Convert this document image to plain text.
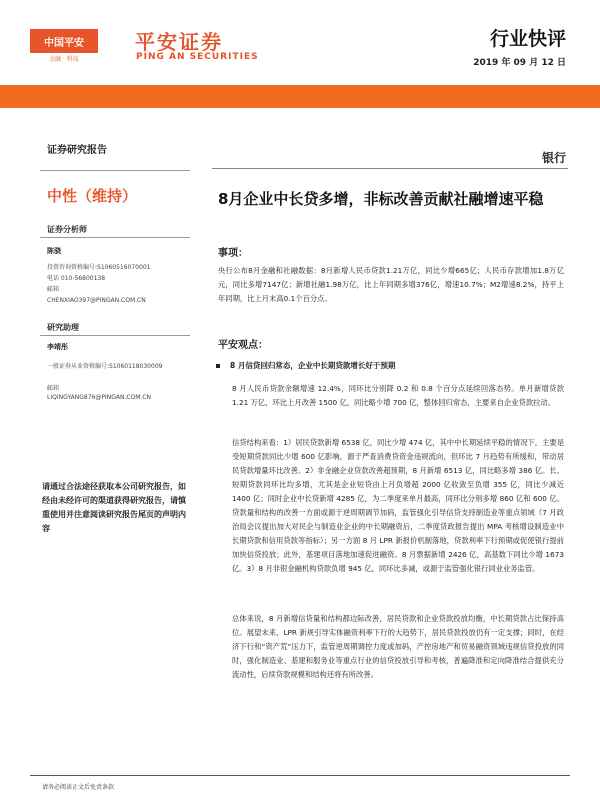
中国平安
金融 · 科技
平安证券
PING AN SECURITIES
行业快评
2019 年 09 月 12 日
证券研究报告
中性（维持）
证券分析师
陈骁
投资咨询资格编号:S1060516070001
电话 010-56800138
邮箱
CHENXIAO397@PINGAN.COM.CN
研究助理
李靖彤
一般证券从业资格编号:S1060118030009
邮箱
LIQINGYANG876@PINGAN.COM.CN
请通过合法途径获取本公司研究报告，如经由未经许可的渠道获得研究报告，请慎重使用并注意阅读研究报告尾页的声明内容
银行
8月企业中长贷多增，非标改善贡献社融增速平稳
事项：
央行公布8月金融和社融数据：8月新增人民币贷款1.21万亿，同比少增665亿；人民币存款增加1.8万亿元，同比多增7147亿；新增社融1.98万亿，比上年同期多增376亿，增速10.7%；M2增速8.2%，持平上年同期，比上月末高0.1个百分点。
平安观点：
8 月信贷回归常态，企业中长期贷款增长好于预期
8 月人民币贷款余额增速 12.4%，同环比分别降 0.2 和 0.8 个百分点延续回落态势。单月新增贷款 1.21 万亿，环比上月改善 1500 亿，同比略少增 700 亿，整体回归常态，主要来自企业贷款拉动。
信贷结构来看：1）居民贷款新增 6538 亿，同比少增 474 亿，其中中长期延续平稳的情况下，主要是受短期贷款同比少增 600 亿影响，源于严查消费贷资金违规流向，但环比 7 月趋势有所缓和，带动居民贷款增量环比改善。2）非金融企业贷款改善超预期，8 月新增 6513 亿，同比略多增 386 亿。长、短期贷款同环比均多增，尤其是企业短贷由上月负增超 2000 亿收敛至负增 355 亿，同比少减近 1400 亿；同时企业中长贷新增 4285 亿，为二季度来单月最高，同环比分别多增 860 亿和 600 亿。贷款量和结构的改善一方面或源于逆周期调节加码，监管强化引导信贷支持制造业等重点领域（7 月政治局会议提出加大对民企与制造业企业的中长期融资后，二季度货政报告提出 MPA 考核增设制造业中长期贷款和信用贷款等指标）；另一方面 8 月 LPR 新报价机制落地，贷款利率下行预期或促使银行提前加快信贷投放；此外，基建项目落地加速促进融资。8 月票据新增 2426 亿，高基数下同比少增 1673 亿。3）8 月非银金融机构贷款负增 945 亿，同环比多减，或源于监管强化银行同业业务监管。
总体来说，8 月新增信贷量和结构都边际改善，居民贷款和企业贷款投放均衡，中长期贷款占比保持高位。展望未来，LPR 新规引导实体融资利率下行的大趋势下，居民贷款投放仍有一定支撑；同时，在经济下行和“资产荒”压力下，监管逆周期调控力度或加码，产控房地产和贸易融资领域违规信贷投放的同时，强化制造业、基建和服务业等重点行业的信贷投放引导和考核，普遍降准和定向降准结合提供充分流动性，后续贷款规模和结构还将有所改善。
请务必阅读正文后免责条款
